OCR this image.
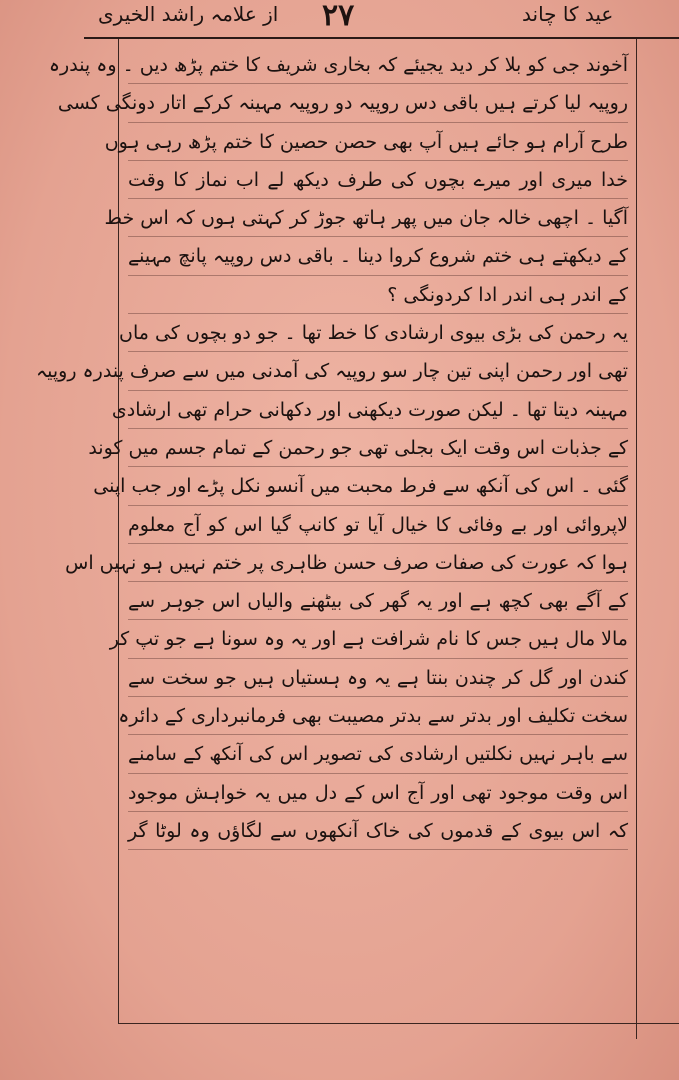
از علامہ راشد الخیری ۲۷	عید کا چاند
آخوند جی کو بلا کر دید یجیئے کہ بخاری شریف کا ختم پڑھ دیں ۔ وہ پندرہ
روپیہ لیا کرتے ہیں باقی دس روپیہ دو روپیہ مہینہ کرکے اتار دونگی کسی
طرح آرام ہو جائے ہیں آپ بھی حصن حصین کا ختم پڑھ رہی ہوں
خدا میری اور میرے بچوں کی طرف دیکھ لے اب نماز کا وقت
آگیا ۔ اچھی خالہ جان میں پھر ہاتھ جوڑ کر کہتی ہوں کہ اس خط
کے دیکھتے ہی ختم شروع کروا دینا ۔ باقی دس روپیہ پانچ مہینے
کے اندر ہی اندر ادا کردونگی ؟
یہ رحمن کی بڑی بیوی ارشادی کا خط تھا ۔ جو دو بچوں کی ماں
تھی اور رحمن اپنی تین چار سو روپیہ کی آمدنی میں سے صرف پندرہ روپیہ
مہینہ دیتا تھا ۔ لیکن صورت دیکھنی اور دکھانی حرام تھی ارشادی
کے جذبات اس وقت ایک بجلی تھی جو رحمن کے تمام جسم میں کوند
گئی ۔ اس کی آنکھ سے فرط محبت میں آنسو نکل پڑے اور جب اپنی
لاپروائی اور بے وفائی کا خیال آیا تو کانپ گیا اس کو آج معلوم
ہوا کہ عورت کی صفات صرف حسن ظاہری پر ختم نہیں ہو نہیں اس
کے آگے بھی کچھ ہے اور یہ گھر کی بیٹھنے والیاں اس جوہر سے
مالا مال ہیں جس کا نام شرافت ہے اور یہ وہ سونا ہے جو تپ کر
کندن اور گل کر چندن بنتا ہے یہ وہ ہستیاں ہیں جو سخت سے
سخت تکلیف اور بدتر سے بدتر مصیبت بھی فرمانبرداری کے دائرہ
سے باہر نہیں نکلتیں ارشادی کی تصویر اس کی آنکھ کے سامنے
اس وقت موجود تھی اور آج اس کے دل میں یہ خواہش موجود
کہ اس بیوی کے قدموں کی خاک آنکھوں سے لگاؤں وہ لوٹا گر
